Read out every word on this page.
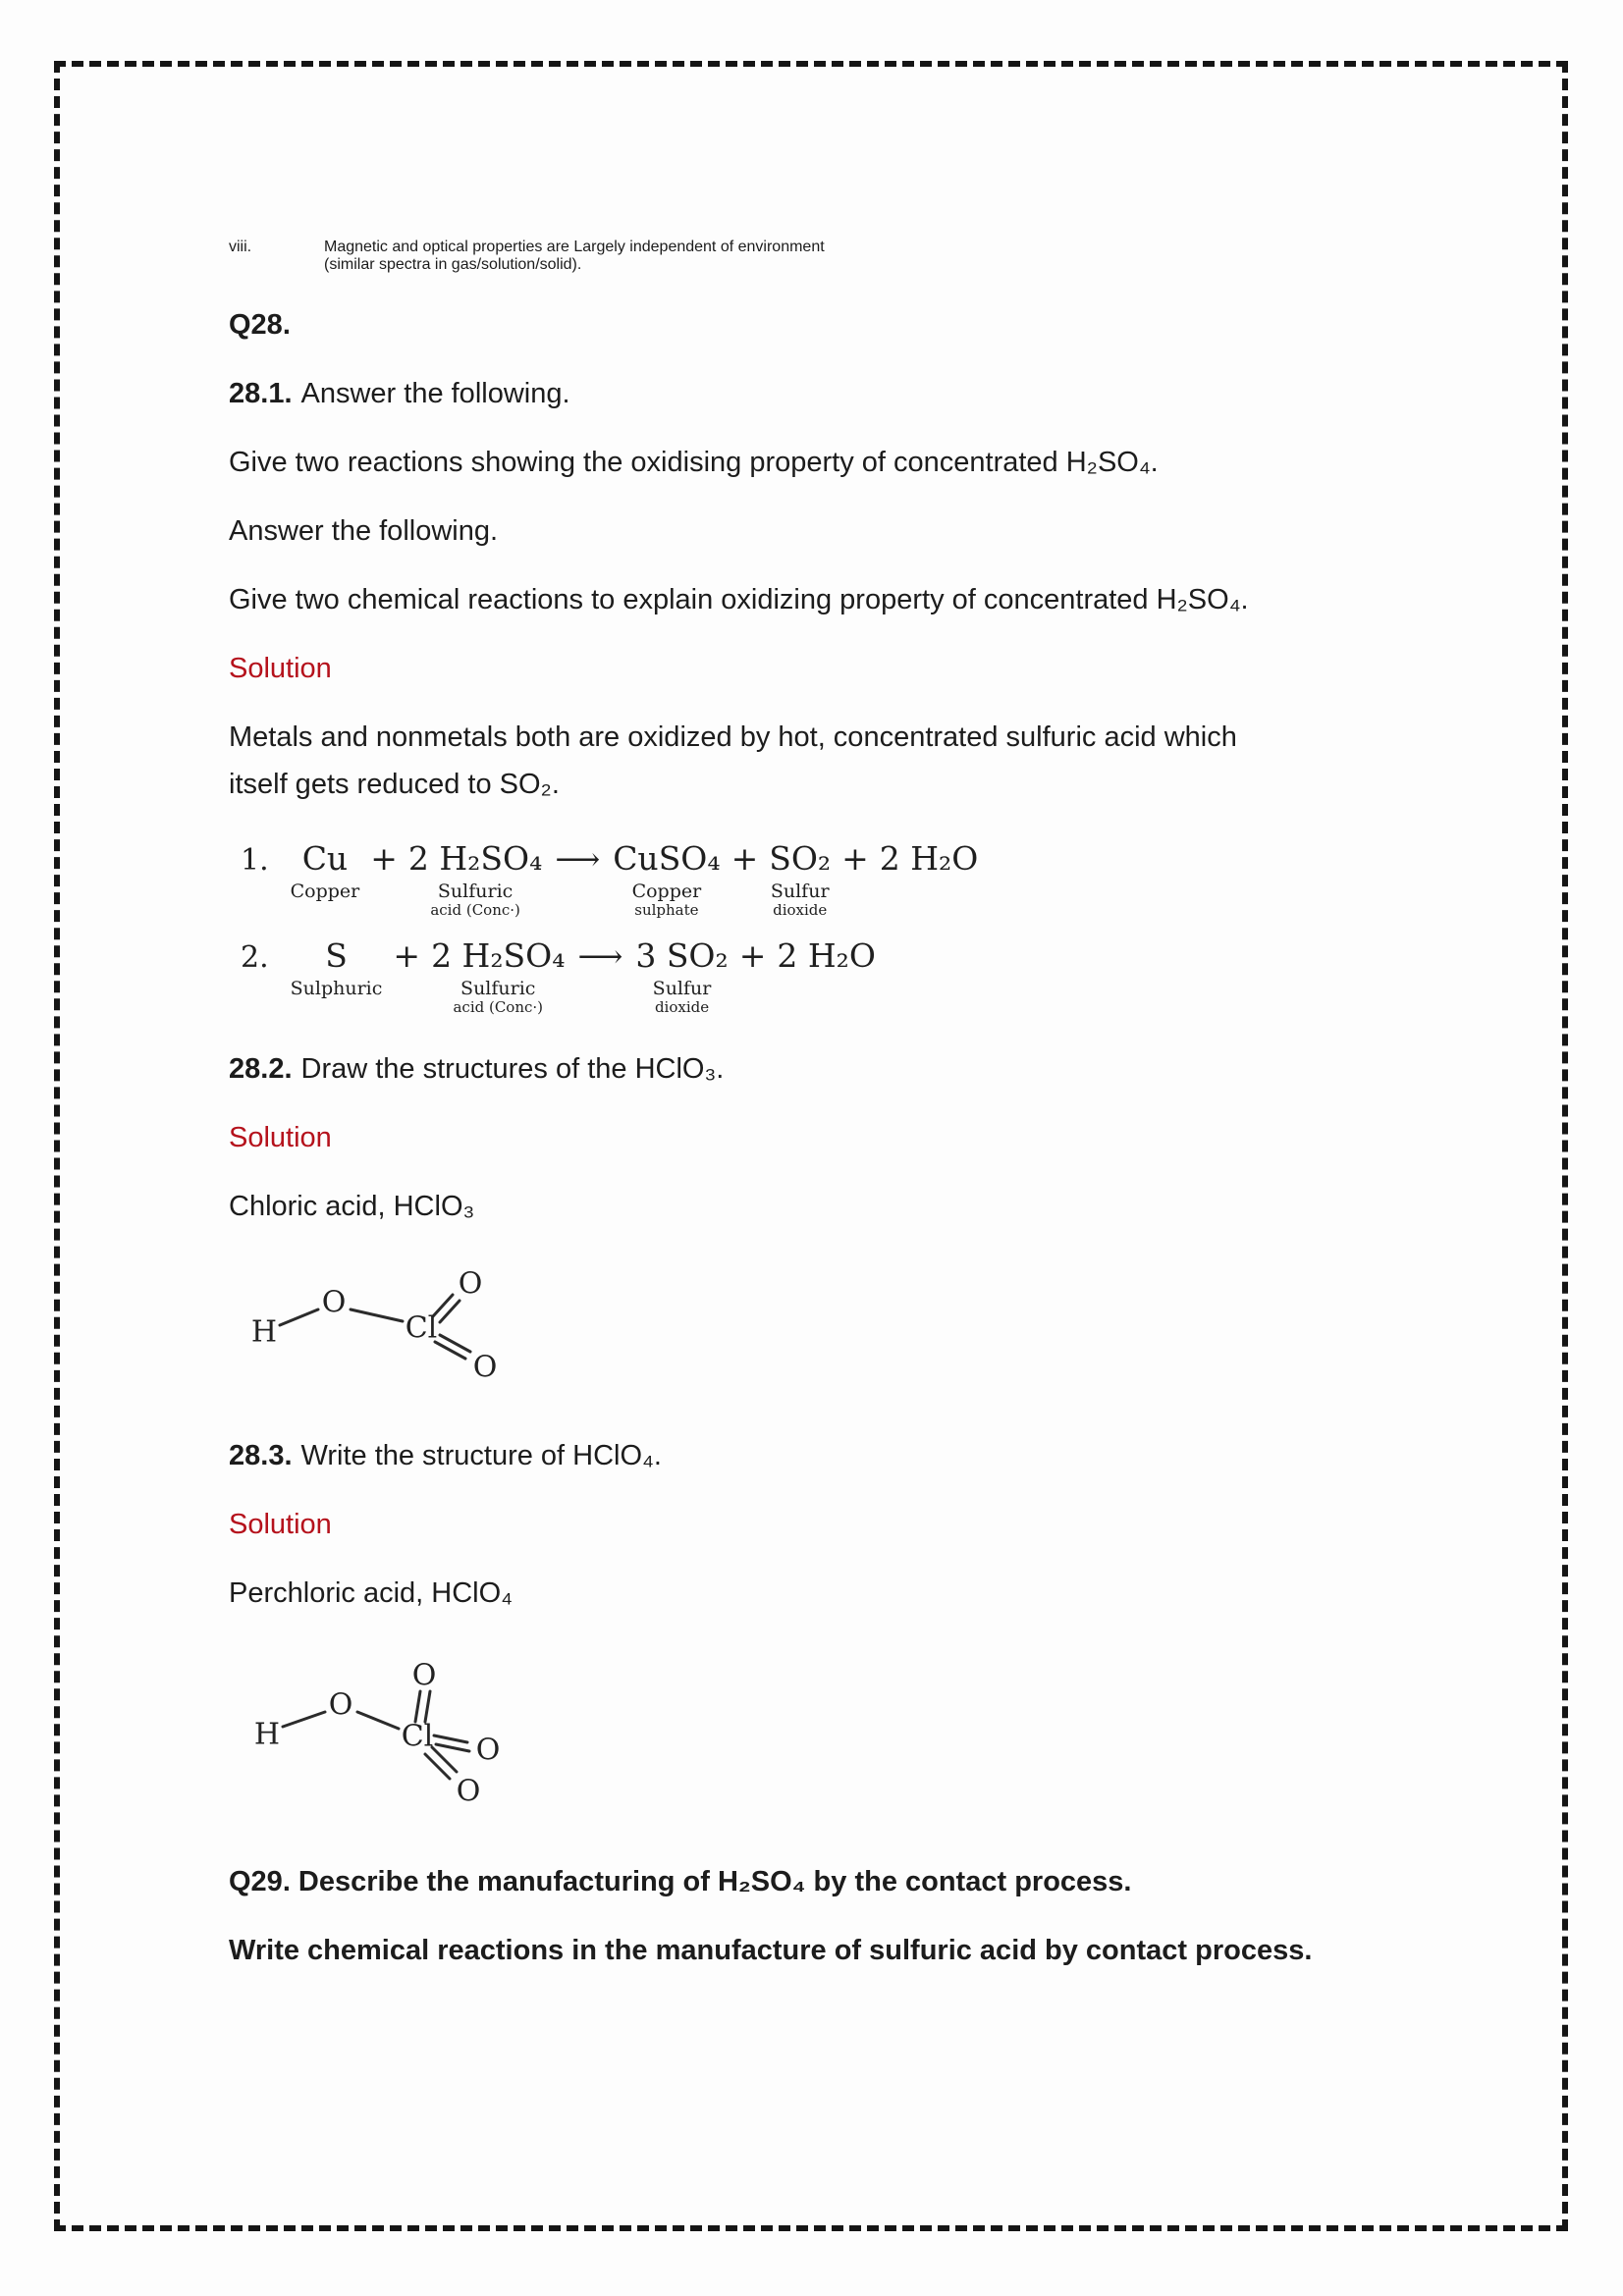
viii.	Magnetic and optical properties are Largely independent of environment
(similar spectra in gas/solution/solid).

Q28.

28.1. Answer the following.

Give two reactions showing the oxidising property of concentrated H₂SO₄.

Answer the following.

Give two chemical reactions to explain oxidizing property of concentrated H₂SO₄.

Solution

Metals and nonmetals both are oxidized by hot, concentrated sulfuric acid which
itself gets reduced to SO₂.
1. Cu
Copper
+ 2 H₂SO₄
Sulfuric
acid (Conc·)
⟶ CuSO₄
Copper
sulphate
+ SO₂
Sulfur
dioxide
+ 2 H₂O
2. S
Sulphuric
+ 2 H₂SO₄
Sulfuric
acid (Conc·)
⟶ 3 SO₂
Sulfur
dioxide
+ 2 H₂O

28.2. Draw the structures of the HClO₃.

Solution

Chloric acid, HClO₃

H
O
Cl
O
O

28.3. Write the structure of HClO₄.

Solution

Perchloric acid, HClO₄

H
O
Cl
O
O
O

Q29. Describe the manufacturing of H₂SO₄ by the contact process.

Write chemical reactions in the manufacture of sulfuric acid by contact process.
